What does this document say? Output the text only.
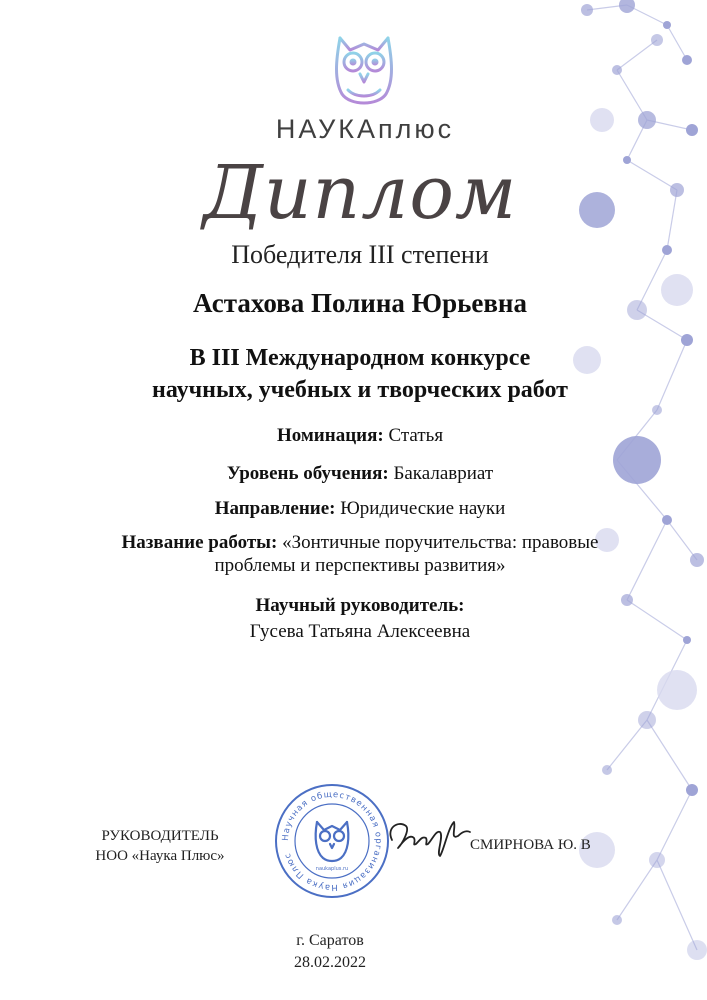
НАУКАплюс
Диплом
Победителя III степени
Астахова Полина Юрьевна
В III Международном конкурсе
научных, учебных и творческих работ
Номинация: Статья
Уровень обучения: Бакалавриат
Направление: Юридические науки
Название работы: «Зонтичные поручительства: правовые
проблемы и перспективы развития»
Научный руководитель:
Гусева Татьяна Алексеевна
РУКОВОДИТЕЛЬ
НОО «Наука Плюс»
Научная общественная организация Наука Плюс
naukaplus.ru
СМИРНОВА Ю. В
г. Саратов
28.02.2022
